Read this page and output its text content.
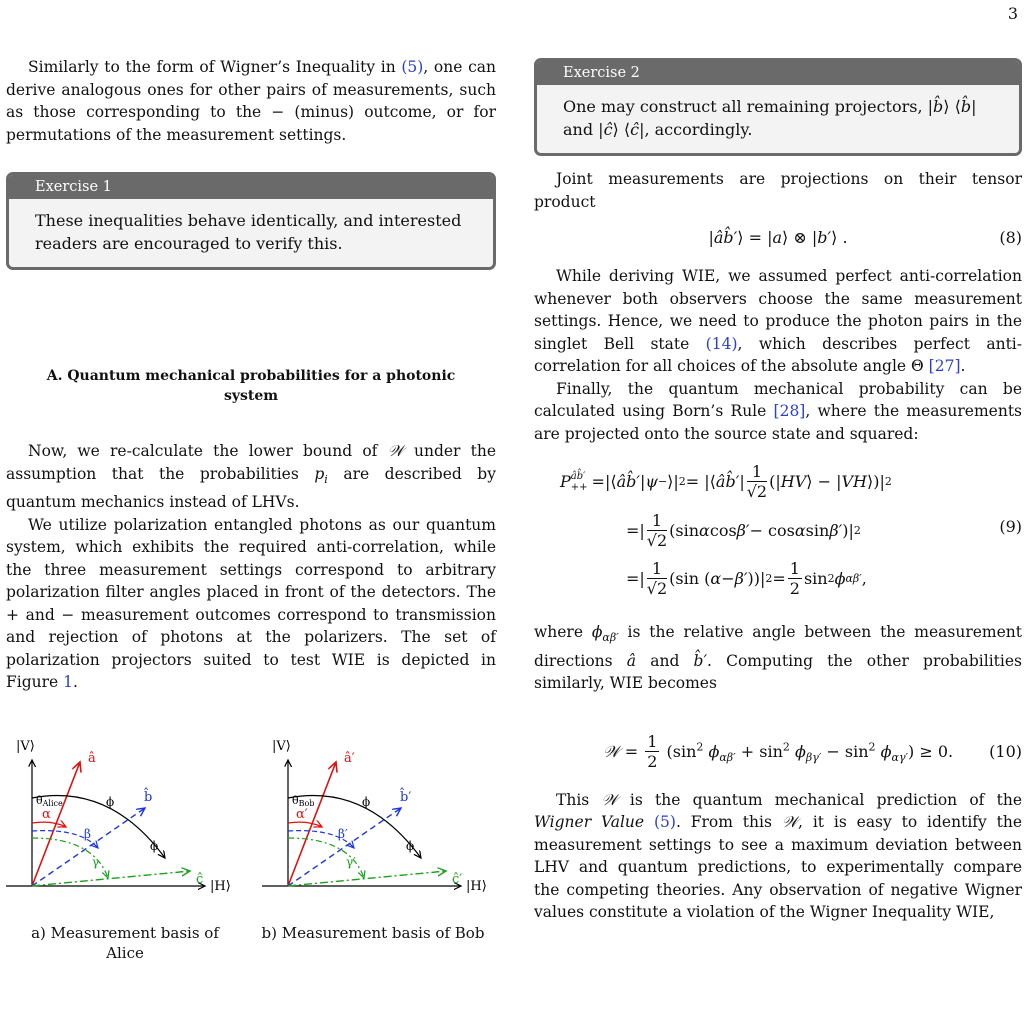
3

Similarly to the form of Wigner’s Inequality in (5), one can derive analogous ones for other pairs of measurements, such as those corresponding to the − (minus) outcome, or for permutations of the measurement settings.

Exercise 1
These inequalities behave identically, and interested readers are encouraged to verify this.
A. Quantum mechanical probabilities for a photonic system

Now, we re-calculate the lower bound of 𝒲 under the assumption that the probabilities $p_i$ are described by quantum mechanics instead of LHVs.

We utilize polarization entangled photons as our quantum system, which exhibits the required anti-correlation, while the three measurement settings correspond to arbitrary polarization filter angles placed in front of the detectors. The + and − measurement outcomes correspond to transmission and rejection of photons at the polarizers. The set of polarization projectors suited to test WIE is depicted in Figure 1.

|V⟩
|H⟩
â
b̂
ĉ
θAlice	ϕ
ϕ
α
β
γ
|V⟩
|H⟩
â′
b̂′
ĉ′
θBob	ϕ
ϕ
α′
β′
γ′
a) Measurement basis of Alice
b) Measurement basis of Bob
Exercise 2
One may construct all remaining projectors, |b̂⟩ ⟨b̂| and |ĉ⟩ ⟨ĉ|, accordingly.

Joint measurements are projections on their tensor product

|âb̂′⟩ = |a⟩ ⊗ |b′⟩ .	(8)

While deriving WIE, we assumed perfect anti-correlation whenever both observers choose the same measurement settings. Hence, we need to produce the photon pairs in the singlet Bell state (14), which describes perfect anti-correlation for all choices of the absolute angle Θ [27].

Finally, the quantum mechanical probability can be calculated using Born’s Rule [28], where the measurements are projected onto the source state and squared:

P âb̂′
++ =|⟨ âb̂′ | ψ − ⟩| 2 = |⟨ âb̂′ | $\frac{1}{√2}$ (| HV ⟩ − | VH ⟩)| 2
=| $\frac{1}{√2} (\sin$ α cos β′ − cos α sin β′ )| 2
=| $\frac{1}{√2} (\sin$ ( α − β′ ))| $2 = \frac{1}{2}$ sin 2 ϕ αβ′ ,
(9)

where $\phi_{\alpha\beta'}$ is the relative angle between the measurement directions â and b̂′. Computing the other probabilities similarly, WIE becomes

𝒲 = $\frac{1}{2} (\sin^2$ $\phi_{\alpha\beta'} + \sin^2 \phi_{\beta\gamma'} - \sin^2 \phi_{\alpha\gamma'}) \ge 0$. (10)

This 𝒲 is the quantum mechanical prediction of the Wigner Value (5). From this 𝒲, it is easy to identify the measurement settings to see a maximum deviation between LHV and quantum predictions, to experimentally compare the competing theories. Any observation of negative Wigner values constitute a violation of the Wigner Inequality WIE,
